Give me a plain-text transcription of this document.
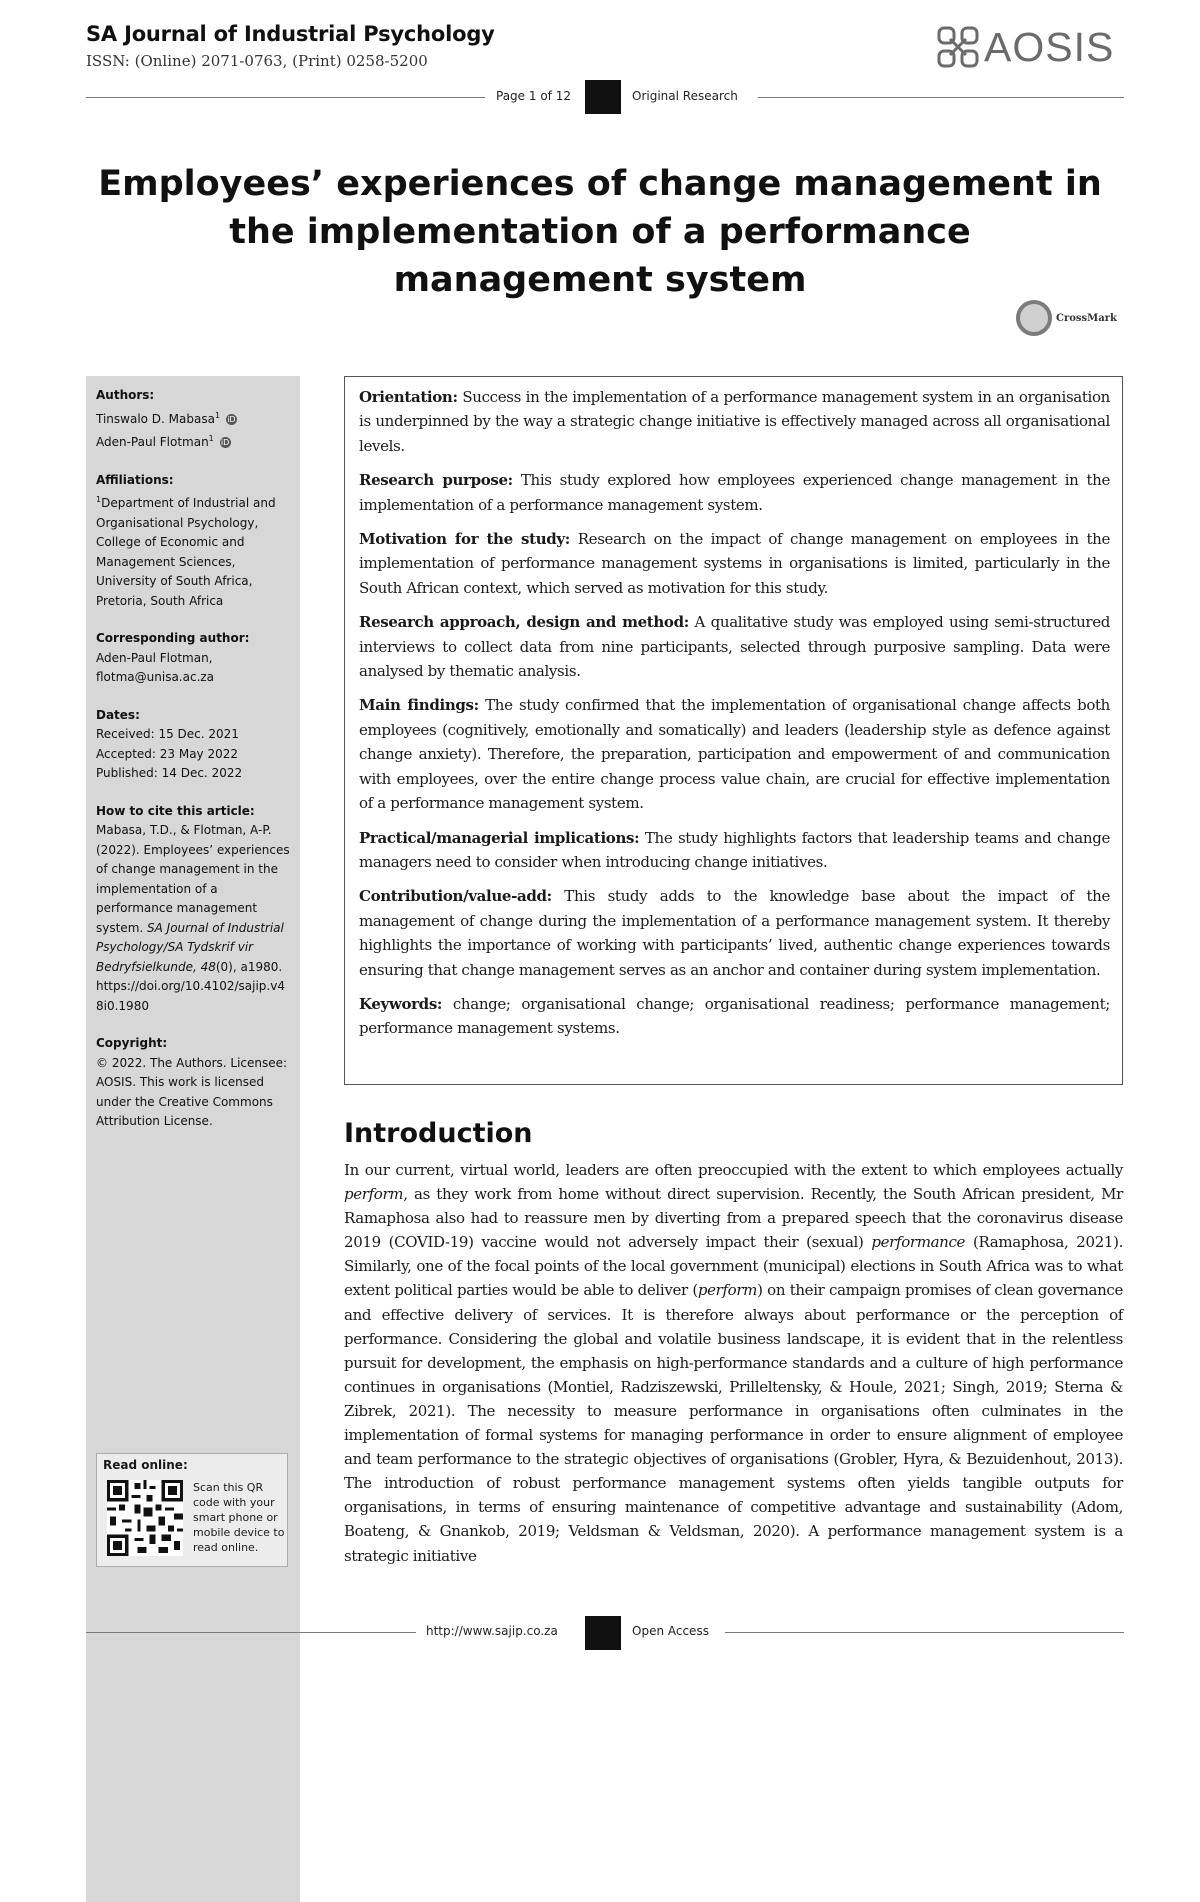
SA Journal of Industrial Psychology
ISSN: (Online) 2071-0763, (Print) 0258-5200	AOSIS
Page 1 of 12	Original Research
Employees’ experiences of change management in
the implementation of a performance
management system
CrossMark
Authors:
Tinswalo D. Mabasa$^1$ iD
Aden-Paul Flotman$^1$ iD
Affiliations:
$^1$Department of Industrial and Organisational Psychology, College of Economic and Management Sciences, University of South Africa, Pretoria, South Africa
Corresponding author:
Aden-Paul Flotman,
flotma@unisa.ac.za
Dates:
Received: 15 Dec. 2021
Accepted: 23 May 2022
Published: 14 Dec. 2022
How to cite this article:
Mabasa, T.D., & Flotman, A-P. (2022). Employees’ experiences of change management in the implementation of a performance management system. SA Journal of Industrial Psychology/SA Tydskrif vir Bedryfsielkunde, 48(0), a1980. https://doi.org/10.4102/sajip.v48i0.1980
Copyright:
© 2022. The Authors. Licensee: AOSIS. This work is licensed under the Creative Commons Attribution License.
Read online:
Scan this QR code with your smart phone or mobile device to read online.

Orientation: Success in the implementation of a performance management system in an organisation is underpinned by the way a strategic change initiative is effectively managed across all organisational levels.

Research purpose: This study explored how employees experienced change management in the implementation of a performance management system.

Motivation for the study: Research on the impact of change management on employees in the implementation of performance management systems in organisations is limited, particularly in the South African context, which served as motivation for this study.

Research approach, design and method: A qualitative study was employed using semi-structured interviews to collect data from nine participants, selected through purposive sampling. Data were analysed by thematic analysis.

Main findings: The study confirmed that the implementation of organisational change affects both employees (cognitively, emotionally and somatically) and leaders (leadership style as defence against change anxiety). Therefore, the preparation, participation and empowerment of and communication with employees, over the entire change process value chain, are crucial for effective implementation of a performance management system.

Practical/managerial implications: The study highlights factors that leadership teams and change managers need to consider when introducing change initiatives.

Contribution/value-add: This study adds to the knowledge base about the impact of the management of change during the implementation of a performance management system. It thereby highlights the importance of working with participants’ lived, authentic change experiences towards ensuring that change management serves as an anchor and container during system implementation.

Keywords: change; organisational change; organisational readiness; performance management; performance management systems.

Introduction

In our current, virtual world, leaders are often preoccupied with the extent to which employees actually perform, as they work from home without direct supervision. Recently, the South African president, Mr Ramaphosa also had to reassure men by diverting from a prepared speech that the coronavirus disease 2019 (COVID-19) vaccine would not adversely impact their (sexual) performance (Ramaphosa, 2021). Similarly, one of the focal points of the local government (municipal) elections in South Africa was to what extent political parties would be able to deliver (perform) on their campaign promises of clean governance and effective delivery of services. It is therefore always about performance or the perception of performance. Considering the global and volatile business landscape, it is evident that in the relentless pursuit for development, the emphasis on high-performance standards and a culture of high performance continues in organisations (Montiel, Radziszewski, Prilleltensky, & Houle, 2021; Singh, 2019; Sterna & Zibrek, 2021). The necessity to measure performance in organisations often culminates in the implementation of formal systems for managing performance in order to ensure alignment of employee and team performance to the strategic objectives of organisations (Grobler, Hyra, & Bezuidenhout, 2013). The introduction of robust performance management systems often yields tangible outputs for organisations, in terms of ensuring maintenance of competitive advantage and sustainability (Adom, Boateng, & Gnankob, 2019; Veldsman & Veldsman, 2020). A performance management system is a strategic initiative

http://www.sajip.co.za	Open Access
